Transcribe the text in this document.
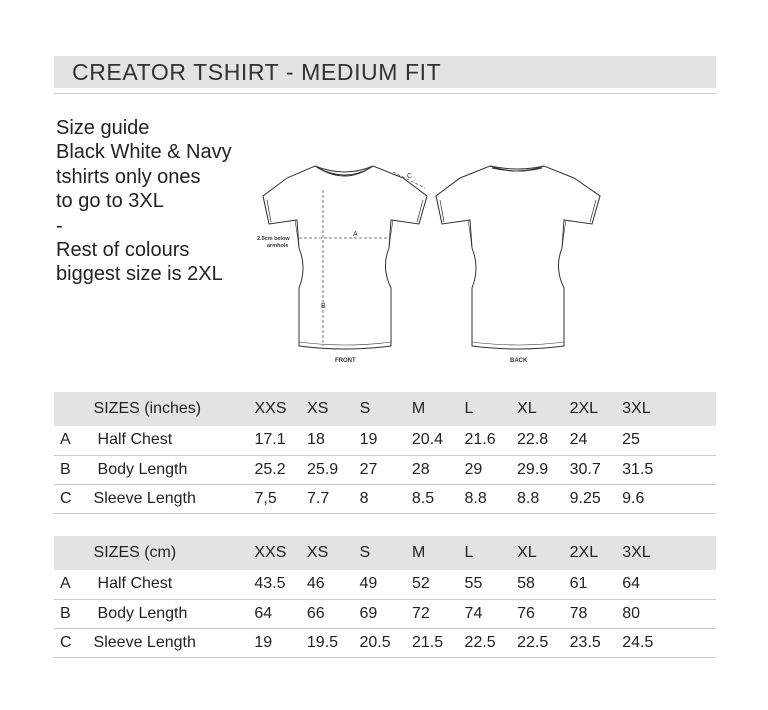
CREATOR TSHIRT - MEDIUM FIT
Size guide
Black White & Navy
tshirts only ones
to go to 3XL
-
Rest of colours
biggest size is 2XL
A
B
C
2.5cm below
armhole
FRONT	BACK
	SIZES (inches)	XXS	XS	S	M	L	XL	2XL	3XL
A	Half Chest	17.1	18	19	20.4	21.6	22.8	24	25
B	Body Length	25.2	25.9	27	28	29	29.9	30.7	31.5
C	Sleeve Length	7,5	7.7	8	8.5	8.8	8.8	9.25	9.6
	SIZES (cm)	XXS	XS	S	M	L	XL	2XL	3XL
A	Half Chest	43.5	46	49	52	55	58	61	64
B	Body Length	64	66	69	72	74	76	78	80
C	Sleeve Length	19	19.5	20.5	21.5	22.5	22.5	23.5	24.5
